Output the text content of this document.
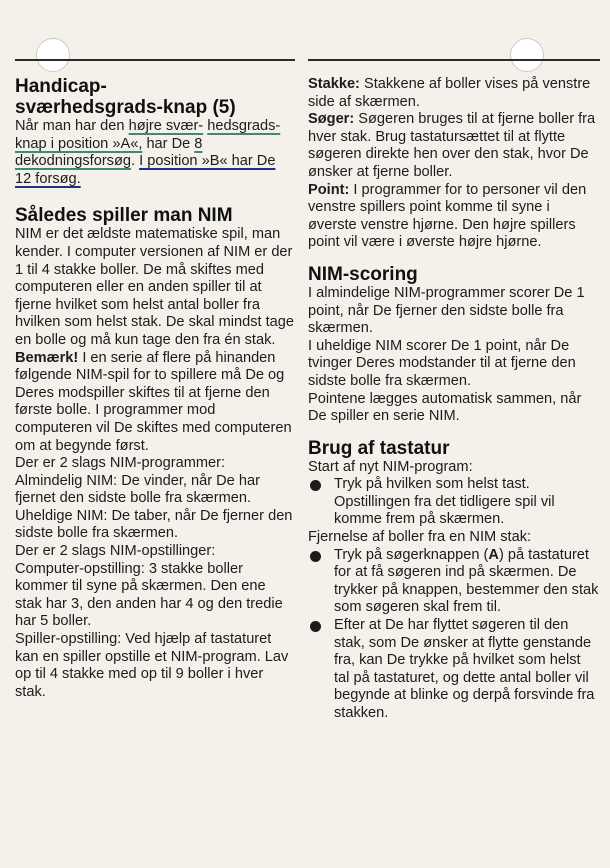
Handicap-
sværhedsgrads-knap (5)

Når man har den højre svær- hedsgrads-knap i position »A«, har De 8 dekodningsforsøg. I position »B« har De 12 forsøg.

Således spiller man NIM

NIM er det ældste matematiske spil, man kender. I computer versionen af NIM er der 1 til 4 stakke boller. De må skiftes med computeren eller en anden spiller til at fjerne hvilket som helst antal boller fra hvilken som helst stak. De skal mindst tage en bolle og må kun tage den fra én stak.

Bemærk! I en serie af flere på hinanden følgende NIM-spil for to spillere må De og Deres modspiller skiftes til at fjerne den første bolle. I programmer mod computeren vil De skiftes med computeren om at begynde først.

Der er 2 slags NIM-programmer:

Almindelig NIM: De vinder, når De har fjernet den sidste bolle fra skærmen.

Uheldige NIM: De taber, når De fjerner den sidste bolle fra skærmen.

Der er 2 slags NIM-opstillinger:

Computer-opstilling: 3 stakke boller kommer til syne på skærmen. Den ene stak har 3, den anden har 4 og den tredie har 5 boller.

Spiller-opstilling: Ved hjælp af tastaturet kan en spiller opstille et NIM-program. Lav op til 4 stakke med op til 9 boller i hver stak.

Stakke: Stakkene af boller vises på venstre side af skærmen.

Søger: Søgeren bruges til at fjerne boller fra hver stak. Brug tastatursættet til at flytte søgeren direkte hen over den stak, hvor De ønsker at fjerne boller.

Point: I programmer for to personer vil den venstre spillers point komme til syne i øverste venstre hjørne. Den højre spillers point vil være i øverste højre hjørne.

NIM-scoring

I almindelige NIM-programmer scorer De 1 point, når De fjerner den sidste bolle fra skærmen.

I uheldige NIM scorer De 1 point, når De tvinger Deres modstander til at fjerne den sidste bolle fra skærmen.

Pointene lægges automatisk sammen, når De spiller en serie NIM.

Brug af tastatur

Start af nyt NIM-program:

Tryk på hvilken som helst tast. Opstillingen fra det tidligere spil vil komme frem på skærmen.

Fjernelse af boller fra en NIM stak:

Tryk på søgerknappen (A) på tastaturet for at få søgeren ind på skærmen. De trykker på knappen, bestemmer den stak som søgeren skal frem til.
Efter at De har flyttet søgeren til den stak, som De ønsker at flytte genstande fra, kan De trykke på hvilket som helst tal på tastaturet, og dette antal boller vil begynde at blinke og derpå forsvinde fra stakken.
